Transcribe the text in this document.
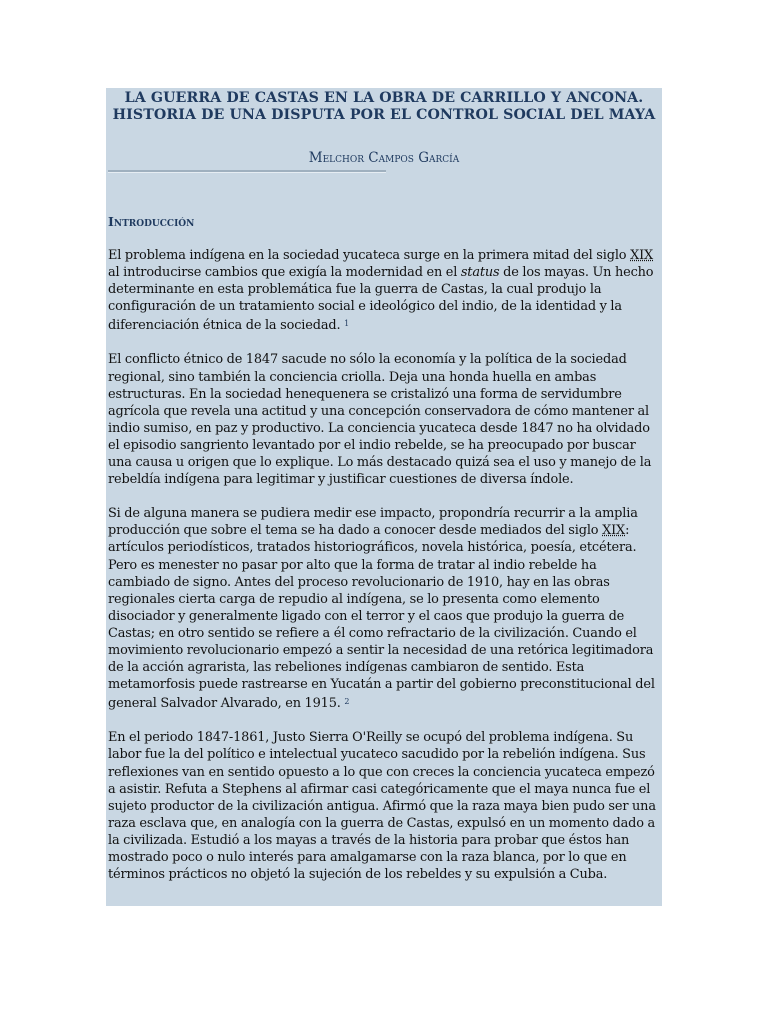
LA GUERRA DE CASTAS EN LA OBRA DE CARRILLO Y ANCONA.
HISTORIA DE UNA DISPUTA POR EL CONTROL SOCIAL DEL MAYA
Melchor Campos García
Introducción

El problema indígena en la sociedad yucateca surge en la primera mitad del siglo XIX al introducirse cambios que exigía la modernidad en el status de los mayas. Un hecho determinante en esta problemática fue la guerra de Castas, la cual produjo la configuración de un tratamiento social e ideológico del indio, de la identidad y la diferenciación étnica de la sociedad. $^1$

El conflicto étnico de 1847 sacude no sólo la economía y la política de la sociedad regional, sino también la conciencia criolla. Deja una honda huella en ambas estructuras. En la sociedad henequenera se cristalizó una forma de servidumbre agrícola que revela una actitud y una concepción conservadora de cómo mantener al indio sumiso, en paz y productivo. La conciencia yucateca desde 1847 no ha olvidado el episodio sangriento levantado por el indio rebelde, se ha preocupado por buscar una causa u origen que lo explique. Lo más destacado quizá sea el uso y manejo de la rebeldía indígena para legitimar y justificar cuestiones de diversa índole.

Si de alguna manera se pudiera medir ese impacto, propondría recurrir a la amplia producción que sobre el tema se ha dado a conocer desde mediados del siglo XIX: artículos periodísticos, tratados historiográficos, novela histórica, poesía, etcétera. Pero es menester no pasar por alto que la forma de tratar al indio rebelde ha cambiado de signo. Antes del proceso revolucionario de 1910, hay en las obras regionales cierta carga de repudio al indígena, se lo presenta como elemento disociador y generalmente ligado con el terror y el caos que produjo la guerra de Castas; en otro sentido se refiere a él como refractario de la civilización. Cuando el movimiento revolucionario empezó a sentir la necesidad de una retórica legitimadora de la acción agrarista, las rebeliones indígenas cambiaron de sentido. Esta metamorfosis puede rastrearse en Yucatán a partir del gobierno preconstitucional del general Salvador Alvarado, en 1915. $^2$

En el periodo 1847-1861, Justo Sierra O'Reilly se ocupó del problema indígena. Su labor fue la del político e intelectual yucateco sacudido por la rebelión indígena. Sus reflexiones van en sentido opuesto a lo que con creces la conciencia yucateca empezó a asistir. Refuta a Stephens al afirmar casi categóricamente que el maya nunca fue el sujeto productor de la civilización antigua. Afirmó que la raza maya bien pudo ser una raza esclava que, en analogía con la guerra de Castas, expulsó en un momento dado a la civilizada. Estudió a los mayas a través de la historia para probar que éstos han mostrado poco o nulo interés para amalgamarse con la raza blanca, por lo que en términos prácticos no objetó la sujeción de los rebeldes y su expulsión a Cuba.
